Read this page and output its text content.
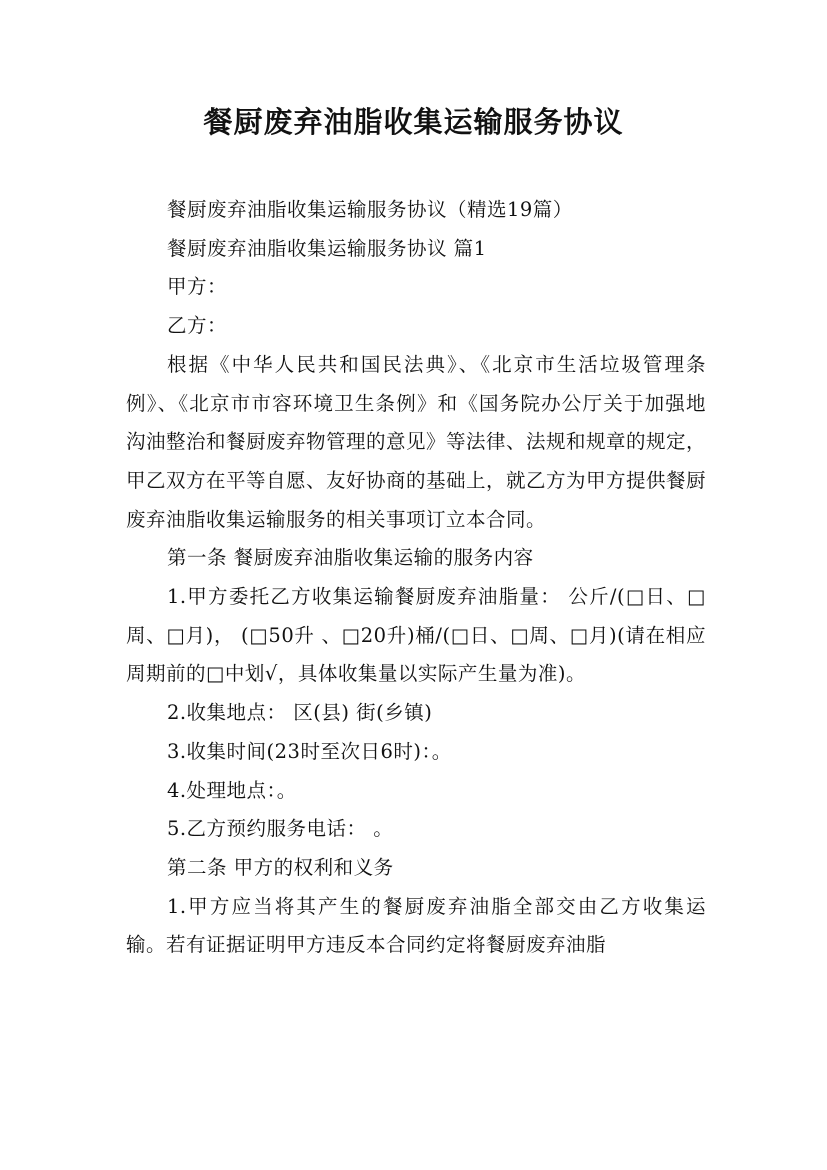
餐厨废弃油脂收集运输服务协议

餐厨废弃油脂收集运输服务协议（精选19篇）

餐厨废弃油脂收集运输服务协议 篇1

甲方：

乙方：

根据《中华人民共和国民法典》、《北京市生活垃圾管理条例》、《北京市市容环境卫生条例》和《国务院办公厅关于加强地沟油整治和餐厨废弃物管理的意见》等法律、法规和规章的规定，甲乙双方在平等自愿、友好协商的基础上，就乙方为甲方提供餐厨废弃油脂收集运输服务的相关事项订立本合同。

第一条 餐厨废弃油脂收集运输的服务内容

1.甲方委托乙方收集运输餐厨废弃油脂量： 公斤/(□日、□周、□月)， (□50升 、□20升)桶/(□日、□周、□月)(请在相应周期前的□中划√，具体收集量以实际产生量为准)。

2.收集地点： 区(县) 街(乡镇)

3.收集时间(23时至次日6时)：。

4.处理地点：。

5.乙方预约服务电话： 。

第二条 甲方的权利和义务

1.甲方应当将其产生的餐厨废弃油脂全部交由乙方收集运输。若有证据证明甲方违反本合同约定将餐厨废弃油脂
